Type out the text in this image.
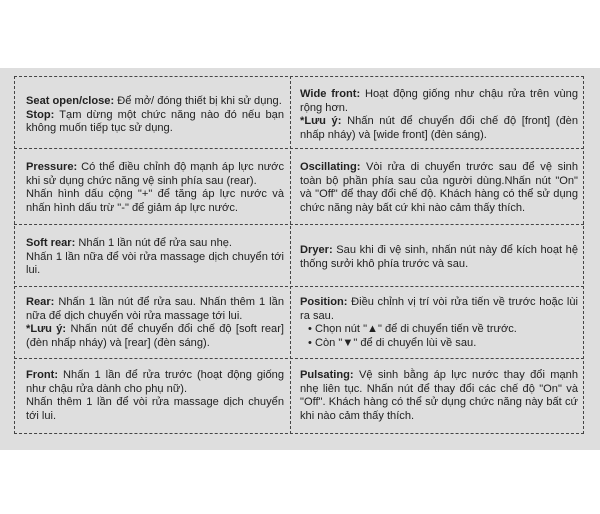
Seat open/close: Để mở/ đóng thiết bị khi sử dụng.

Stop: Tạm dừng một chức năng nào đó nếu bạn không muốn tiếp tục sử dụng.

Wide front: Hoạt động giống như chậu rửa trên vùng rộng hơn.

*Lưu ý: Nhấn nút để chuyển đổi chế độ [front] (đèn nhấp nháy) và [wide front] (đèn sáng).

Pressure: Có thể điều chỉnh độ mạnh áp lực nước khi sử dụng chức năng vệ sinh phía sau (rear).

Nhấn hình dấu cộng "+" để tăng áp lực nước và nhấn hình dấu trừ "-" để giảm áp lực nước.

Oscillating: Vòi rửa di chuyển trước sau để vệ sinh toàn bộ phần phía sau của người dùng.Nhấn nút "On" và "Off" để thay đổi chế độ. Khách hàng có thể sử dụng chức năng này bất cứ khi nào cảm thấy thích.

Soft rear: Nhấn 1 lần nút để rửa sau nhẹ.

Nhấn 1 lần nữa để vòi rửa massage dịch chuyển tới lui.

Dryer: Sau khi đi vệ sinh, nhấn nút này để kích hoạt hệ thống sưởi khô phía trước và sau.

Rear: Nhấn 1 lần nút để rửa sau. Nhấn thêm 1 lần nữa để dịch chuyển vòi rửa massage tới lui.

*Lưu ý: Nhấn nút để chuyển đổi chế độ [soft rear] (đèn nhấp nháy) và [rear] (đèn sáng).

Position: Điều chỉnh vị trí vòi rửa tiến về trước hoặc lùi ra sau.

• Chọn nút "▲" để di chuyển tiến về trước.

• Còn "▼" để di chuyển lùi về sau.

Front: Nhấn 1 lần để rửa trước (hoạt động giống như chậu rửa dành cho phụ nữ).

Nhấn thêm 1 lần để vòi rửa massage dịch chuyển tới lui.

Pulsating: Vệ sinh bằng áp lực nước thay đổi mạnh nhẹ liên tục. Nhấn nút để thay đổi các chế độ "On" và "Off". Khách hàng có thể sử dụng chức năng này bất cứ khi nào cảm thấy thích.
